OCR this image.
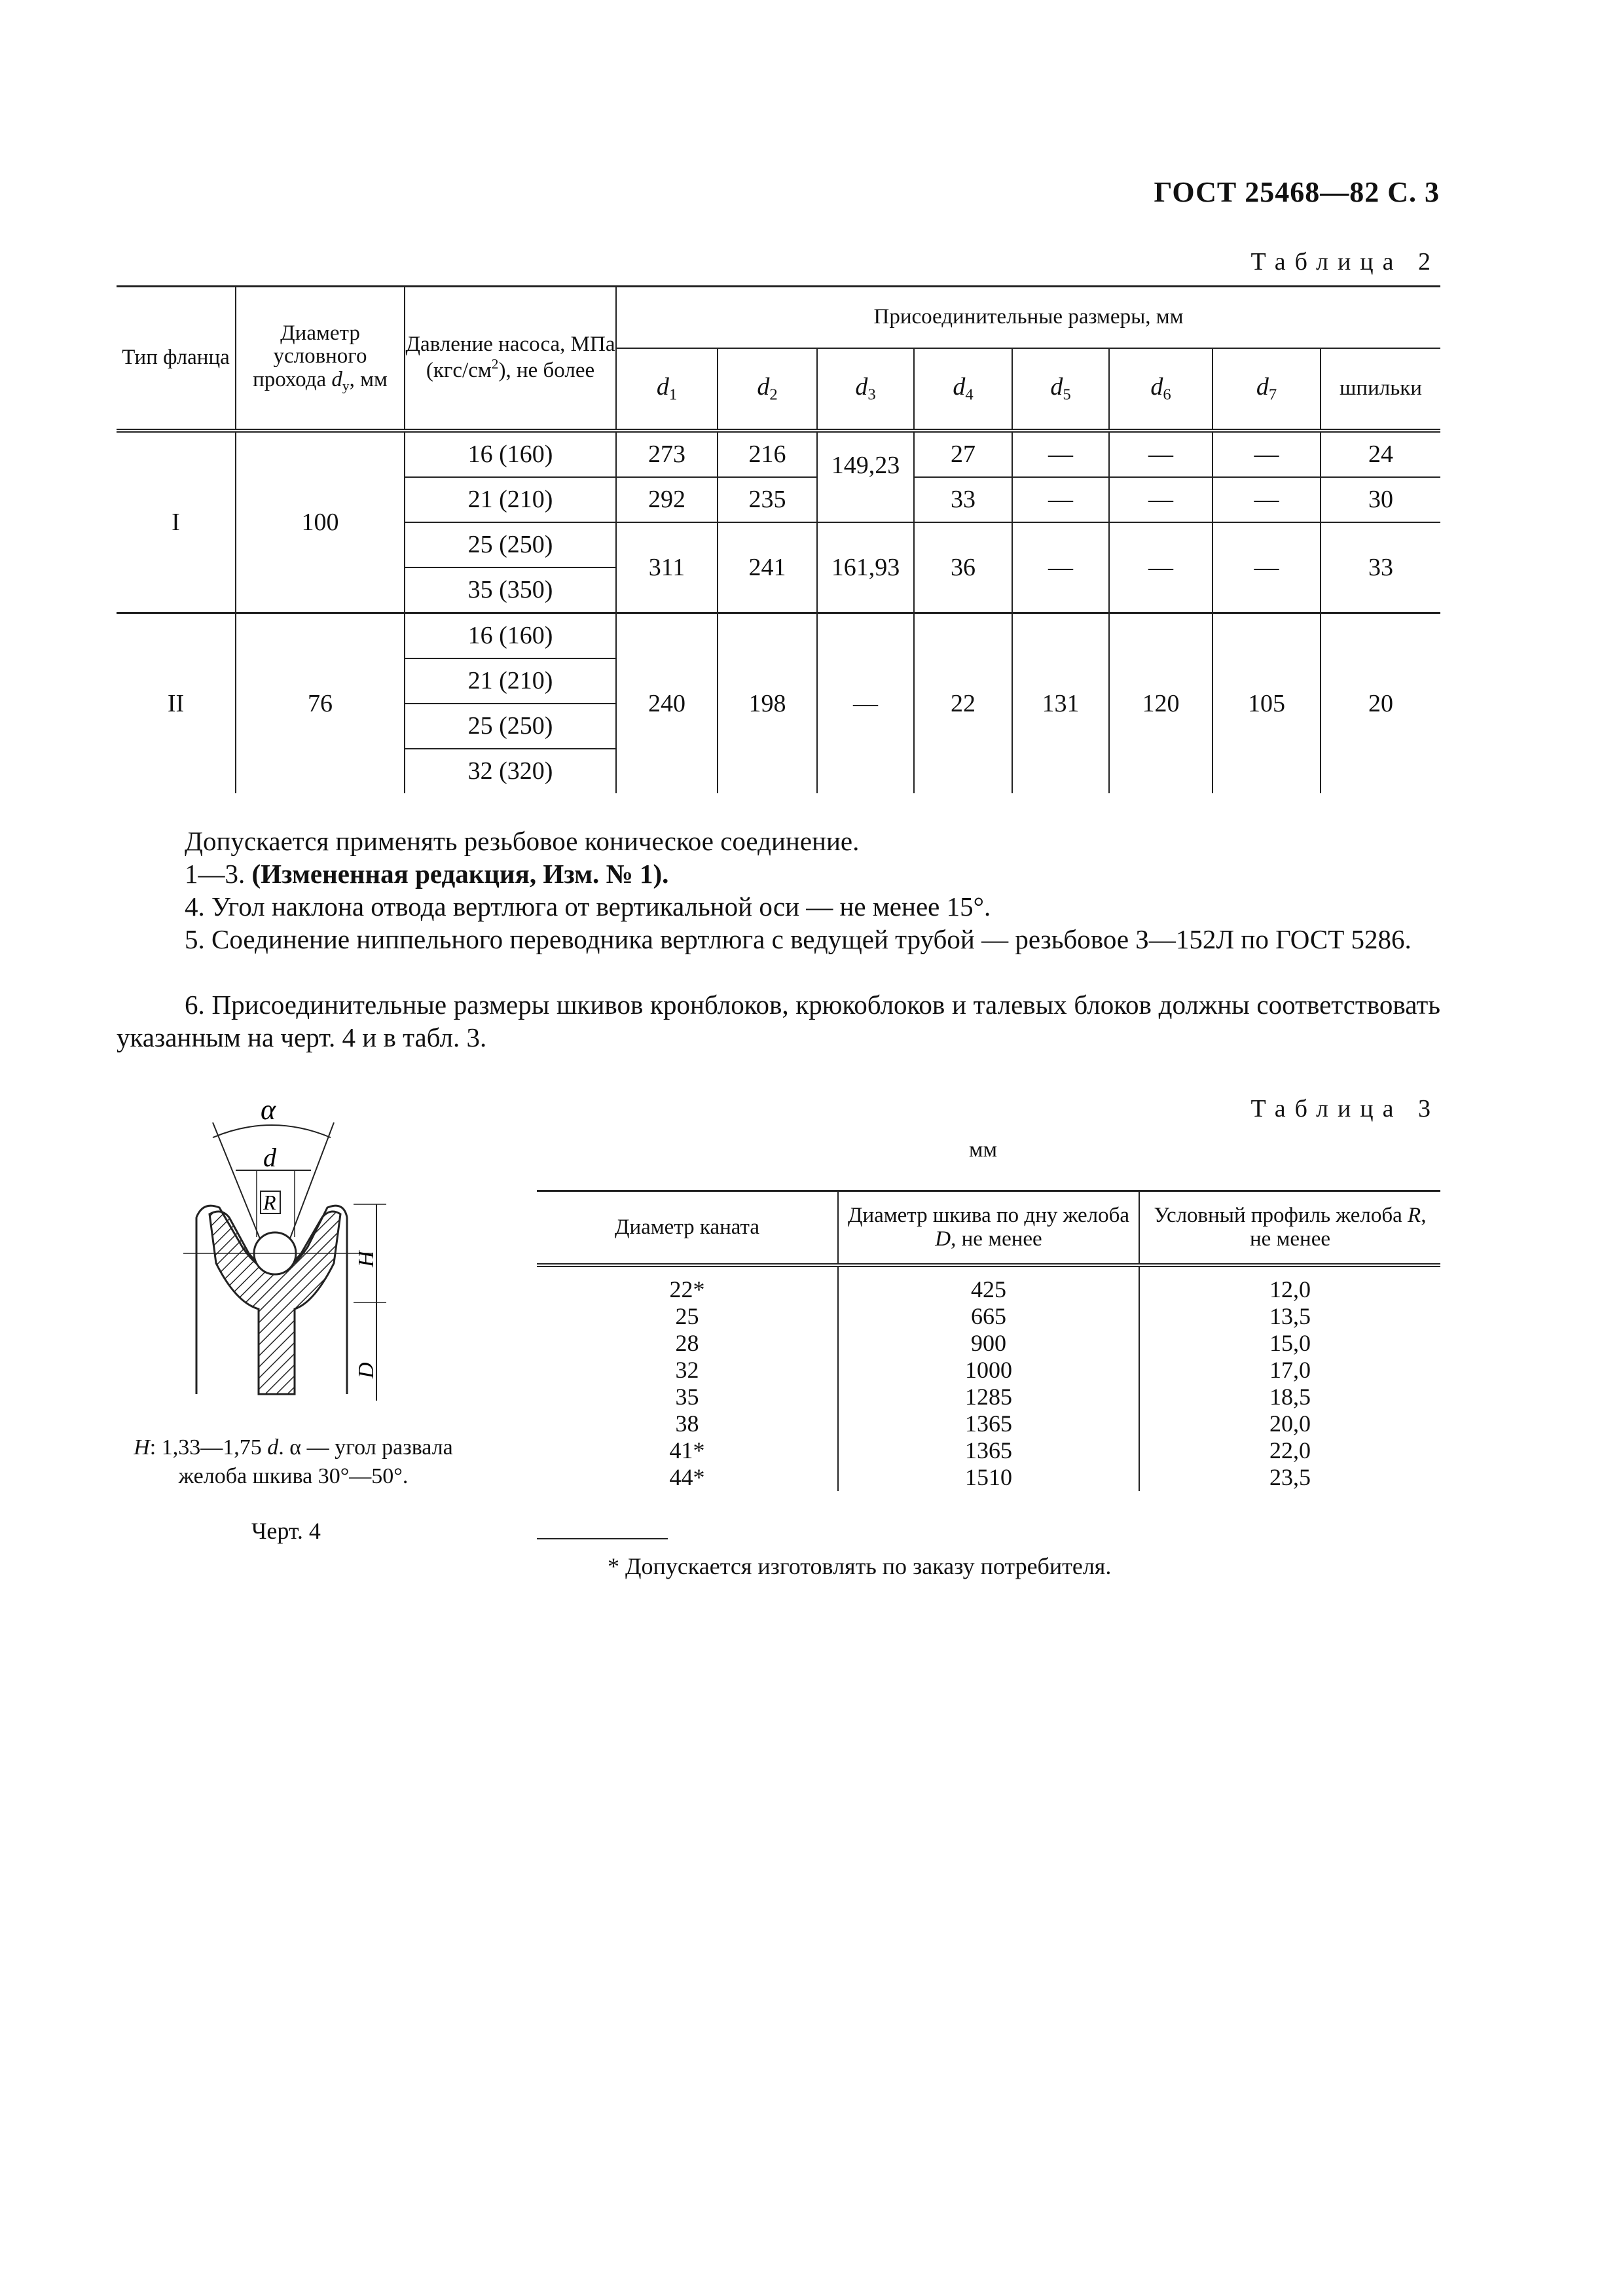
ГОСТ 25468—82 С. 3
Таблица 2
Тип фланца	Диаметр условного прохода $d_у$, мм	Давление насоса, МПа $(кгс/см^2)$, не более	Присоединительные размеры, мм							
			$d_1$	$d_2$	$d_3$	$d_4$	$d_5$	$d_6$	$d_7$	шпильки
I	100	16 (160)	273	216	149,23	27	—	—	—	24
		21 (210)	292	235		33	—	—	—	30
		25 (250)	311	241	161,93	36	—	—	—	33
		35 (350)								
II	76	16 (160)	240	198	—	22	131	120	105	20
		21 (210)								
		25 (250)								
		32 (320)								
Допускается применять резьбовое коническое соединение.
1—3. (Измененная редакция, Изм. № 1).
4. Угол наклона отвода вертлюга от вертикальной оси — не менее 15°.
5. Соединение ниппельного переводника вертлюга с ведущей трубой — резьбовое З—152Л по ГОСТ 5286.
6. Присоединительные размеры шкивов кронблоков, крюкоблоков и талевых блоков должны соответствовать указанным на черт. 4 и в табл. 3.
α
d
R
H
D
H: 1,33—1,75 d. α — угол развала желоба шкива 30°—50°.
Черт. 4
Таблица 3
мм
Диаметр каната	Диаметр шкива по дну желоба D, не менее	Условный профиль желоба R, не менее
22*	425	12,0
25	665	13,5
28	900	15,0
32	1000	17,0
35	1285	18,5
38	1365	20,0
41*	1365	22,0
44*	1510	23,5
* Допускается изготовлять по заказу потребителя.
